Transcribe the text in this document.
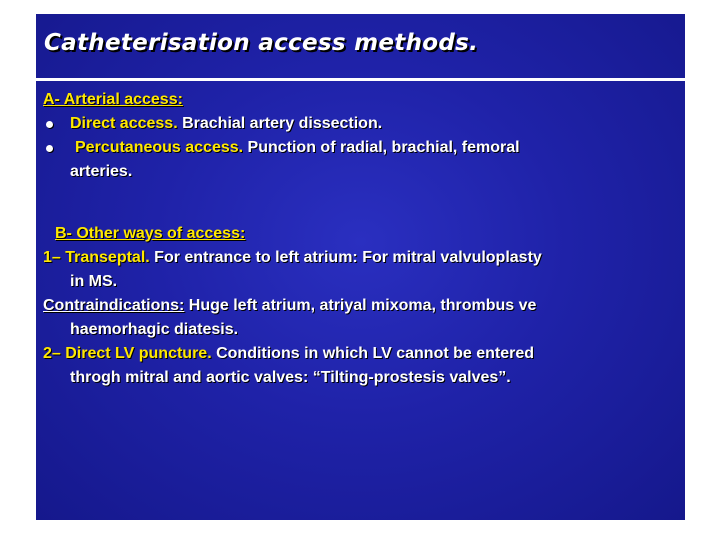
Catheterisation access methods.
A- Arterial access:
Direct access. Brachial artery dissection.
Percutaneous access. Punction of radial, brachial, femoral
arteries.
B- Other ways of access:
1– Transeptal. For entrance to left atrium: For mitral valvuloplasty
in MS.
Contraindications: Huge left atrium, atriyal mixoma, thrombus ve
haemorhagic diatesis.
2– Direct LV puncture. Conditions in which LV cannot be entered
throgh mitral and aortic valves: “Tilting-prostesis valves”.
